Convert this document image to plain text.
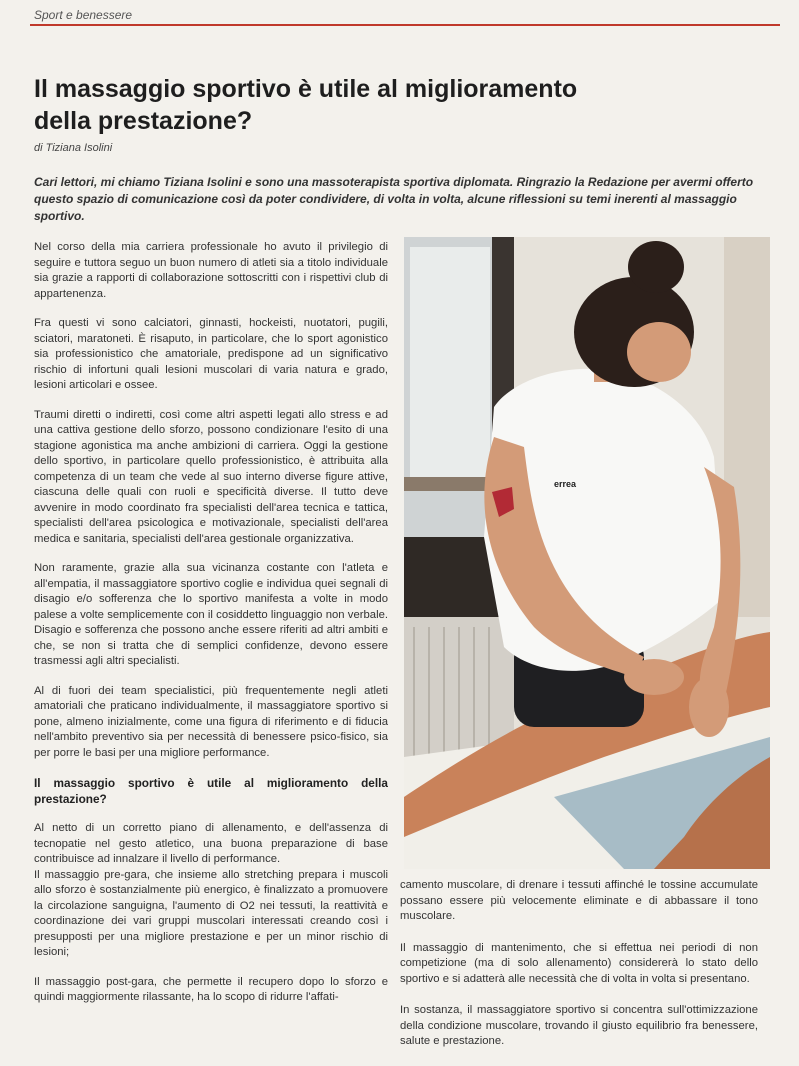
Sport e benessere
Il massaggio sportivo è utile al miglioramento della prestazione?
di Tiziana Isolini
Cari lettori, mi chiamo Tiziana Isolini e sono una massoterapista sportiva diplomata. Ringrazio la Redazione per avermi offerto questo spazio di comunicazione così da poter condividere, di volta in volta, alcune riflessioni su temi inerenti al massaggio sportivo.

Nel corso della mia carriera professionale ho avuto il privilegio di seguire e tuttora seguo un buon numero di atleti sia a titolo individuale sia grazie a rapporti di collaborazione sottoscritti con i rispettivi club di appartenenza.

Fra questi vi sono calciatori, ginnasti, hockeisti, nuotatori, pugili, sciatori, maratoneti. È risaputo, in particolare, che lo sport agonistico sia professionistico che amatoriale, predispone ad un significativo rischio di infortuni quali lesioni muscolari di varia natura e grado, lesioni articolari e ossee.

Traumi diretti o indiretti, così come altri aspetti legati allo stress e ad una cattiva gestione dello sforzo, possono condizionare l'esito di una stagione agonistica ma anche ambizioni di carriera. Oggi la gestione dello sportivo, in particolare quello professionistico, è attribuita alla competenza di un team che vede al suo interno diverse figure attive, ciascuna delle quali con ruoli e specificità diverse. Il tutto deve avvenire in modo coordinato fra specialisti dell'area tecnica e tattica, specialisti dell'area psicologica e motivazionale, specialisti dell'area medica e sanitaria, specialisti dell'area gestionale organizzativa.

Non raramente, grazie alla sua vicinanza costante con l'atleta e all'empatia, il massaggiatore sportivo coglie e individua quei segnali di disagio e/o sofferenza che lo sportivo manifesta a volte in modo palese a volte semplicemente con il cosiddetto linguaggio non verbale. Disagio e sofferenza che possono anche essere riferiti ad altri ambiti e che, se non si tratta che di semplici confidenze, devono essere trasmessi agli altri specialisti.

Al di fuori dei team specialistici, più frequentemente negli atleti amatoriali che praticano individualmente, il massaggiatore sportivo si pone, almeno inizialmente, come una figura di riferimento e di fiducia nell'ambito preventivo sia per necessità di benessere psico-fisico, sia per porre le basi per una migliore performance.

Il massaggio sportivo è utile al miglioramento della prestazione?

Al netto di un corretto piano di allenamento, e dell'assenza di tecnopatie nel gesto atletico, una buona preparazione di base contribuisce ad innalzare il livello di performance.

Il massaggio pre-gara, che insieme allo stretching prepara i muscoli allo sforzo è sostanzialmente più energico, è finalizzato a promuovere la circolazione sanguigna, l'aumento di O2 nei tessuti, la reattività e coordinazione dei vari gruppi muscolari interessati creando così i presupposti per una migliore prestazione e per un minor rischio di lesioni;

Il massaggio post-gara, che permette il recupero dopo lo sforzo e quindi maggiormente rilassante, ha lo scopo di ridurre l'affati-

errea

camento muscolare, di drenare i tessuti affinché le tossine accumulate possano essere più velocemente eliminate e di abbassare il tono muscolare.

Il massaggio di mantenimento, che si effettua nei periodi di non competizione (ma di solo allenamento) considererà lo stato dello sportivo e si adatterà alle necessità che di volta in volta si presentano.

In sostanza, il massaggiatore sportivo si concentra sull'ottimizzazione della condizione muscolare, trovando il giusto equilibrio fra benessere, salute e prestazione.
